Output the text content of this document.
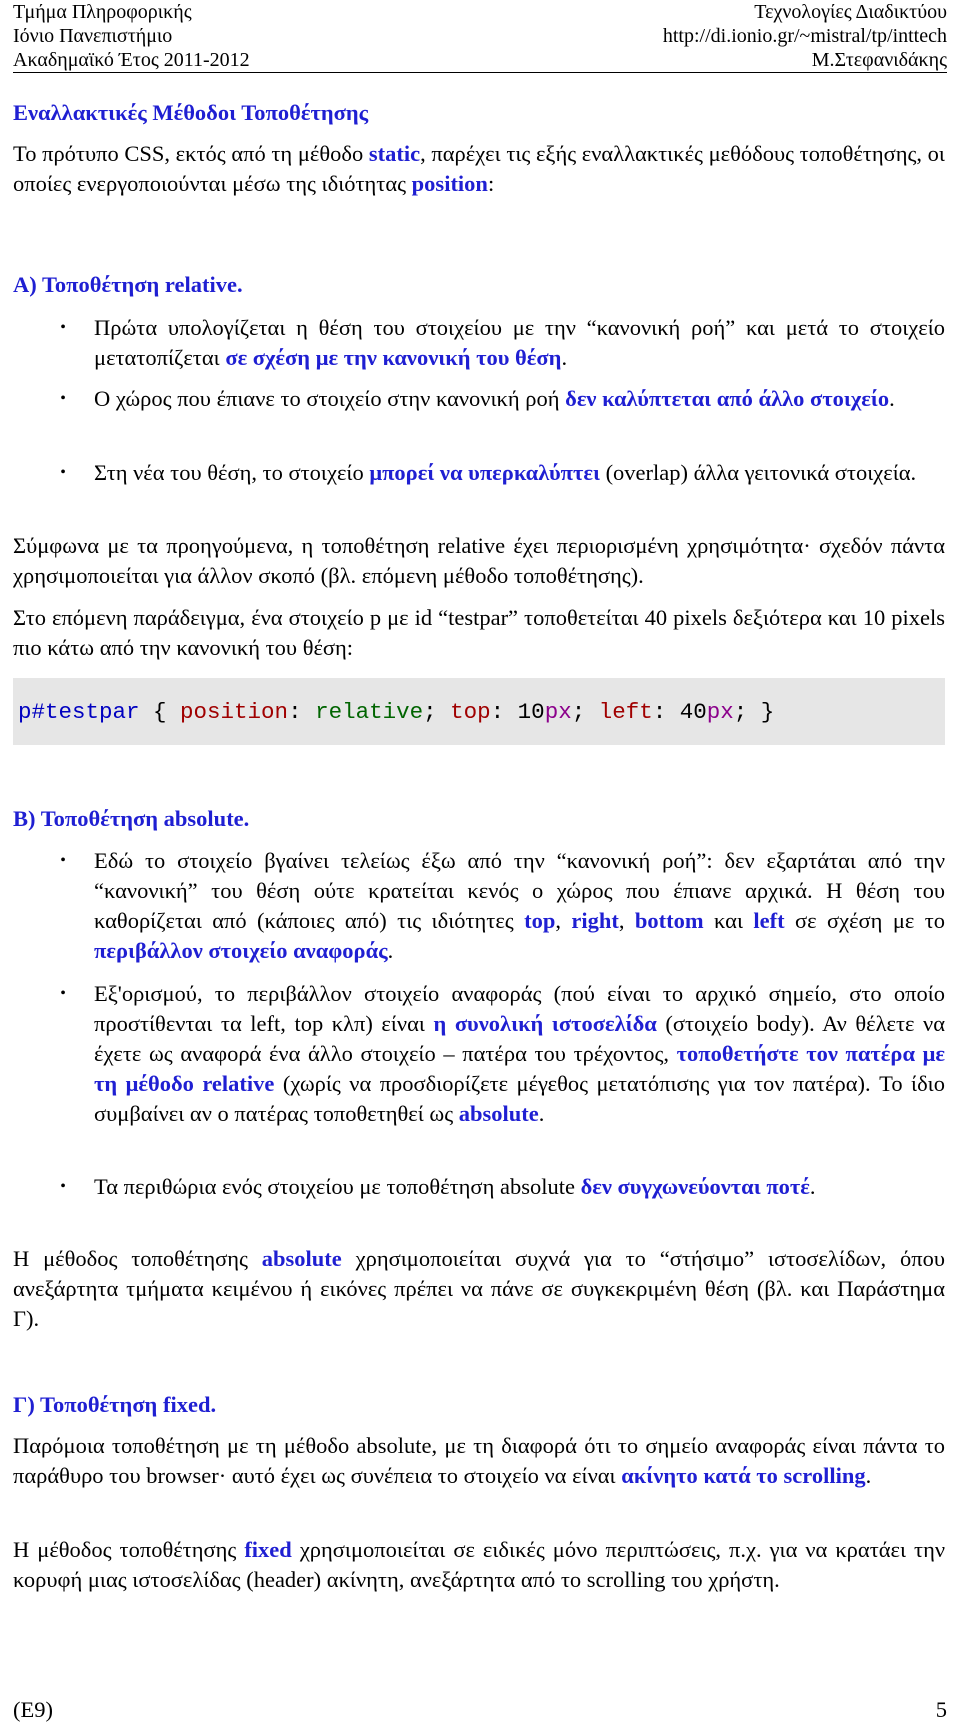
Τμήμα Πληροφορικής
Ιόνιο Πανεπιστήμιο
Ακαδημαϊκό Έτος 2011-2012
Τεχνολογίες Διαδικτύου
http://di.ionio.gr/~mistral/tp/inttech
Μ.Στεφανιδάκης
Εναλλακτικές Μέθοδοι Τοποθέτησης
Το πρότυπο CSS, εκτός από τη μέθοδο static, παρέχει τις εξής εναλλακτικές μεθόδους τοποθέτησης, οι οποίες ενεργοποιούνται μέσω της ιδιότητας position:
Α) Τοποθέτηση relative.
•	Πρώτα υπολογίζεται η θέση του στοιχείου με την “κανονική ροή” και μετά το στοιχείο μετατοπίζεται σε σχέση με την κανονική του θέση.
•	Ο χώρος που έπιανε το στοιχείο στην κανονική ροή δεν καλύπτεται από άλλο στοιχείο.
•	Στη νέα του θέση, το στοιχείο μπορεί να υπερκαλύπτει (overlap) άλλα γειτονικά στοιχεία.
Σύμφωνα με τα προηγούμενα, η τοποθέτηση relative έχει περιορισμένη χρησιμότητα· σχεδόν πάντα χρησιμοποιείται για άλλον σκοπό (βλ. επόμενη μέθοδο τοποθέτησης).
Στο επόμενη παράδειγμα, ένα στοιχείο p με id “testpar” τοποθετείται 40 pixels δεξιότερα και 10 pixels πιο κάτω από την κανονική του θέση:
p#testpar { position: relative; top: 10px; left: 40px; }
Β) Τοποθέτηση absolute.
•	Εδώ το στοιχείο βγαίνει τελείως έξω από την “κανονική ροή”: δεν εξαρτάται από την “κανονική” του θέση ούτε κρατείται κενός ο χώρος που έπιανε αρχικά. Η θέση του καθορίζεται από (κάποιες από) τις ιδιότητες top, right, bottom και left σε σχέση με το περιβάλλον στοιχείο αναφοράς.
•	Εξ'ορισμού, το περιβάλλον στοιχείο αναφοράς (πού είναι το αρχικό σημείο, στο οποίο προστίθενται τα left, top κλπ) είναι η συνολική ιστοσελίδα (στοιχείο body). Αν θέλετε να έχετε ως αναφορά ένα άλλο στοιχείο – πατέρα του τρέχοντος, τοποθετήστε τον πατέρα με τη μέθοδο relative (χωρίς να προσδιορίζετε μέγεθος μετατόπισης για τον πατέρα). Το ίδιο συμβαίνει αν ο πατέρας τοποθετηθεί ως absolute.
•	Τα περιθώρια ενός στοιχείου με τοποθέτηση absolute δεν συγχωνεύονται ποτέ.
Η μέθοδος τοποθέτησης absolute χρησιμοποιείται συχνά για το “στήσιμο” ιστοσελίδων, όπου ανεξάρτητα τμήματα κειμένου ή εικόνες πρέπει να πάνε σε συγκεκριμένη θέση (βλ. και Παράστημα Γ).
Γ) Τοποθέτηση fixed.
Παρόμοια τοποθέτηση με τη μέθοδο absolute, με τη διαφορά ότι το σημείο αναφοράς είναι πάντα το παράθυρο του browser· αυτό έχει ως συνέπεια το στοιχείο να είναι ακίνητο κατά το scrolling.
Η μέθοδος τοποθέτησης fixed χρησιμοποιείται σε ειδικές μόνο περιπτώσεις, π.χ. για να κρατάει την κορυφή μιας ιστοσελίδας (header) ακίνητη, ανεξάρτητα από το scrolling του χρήστη.
(Ε9)	5
